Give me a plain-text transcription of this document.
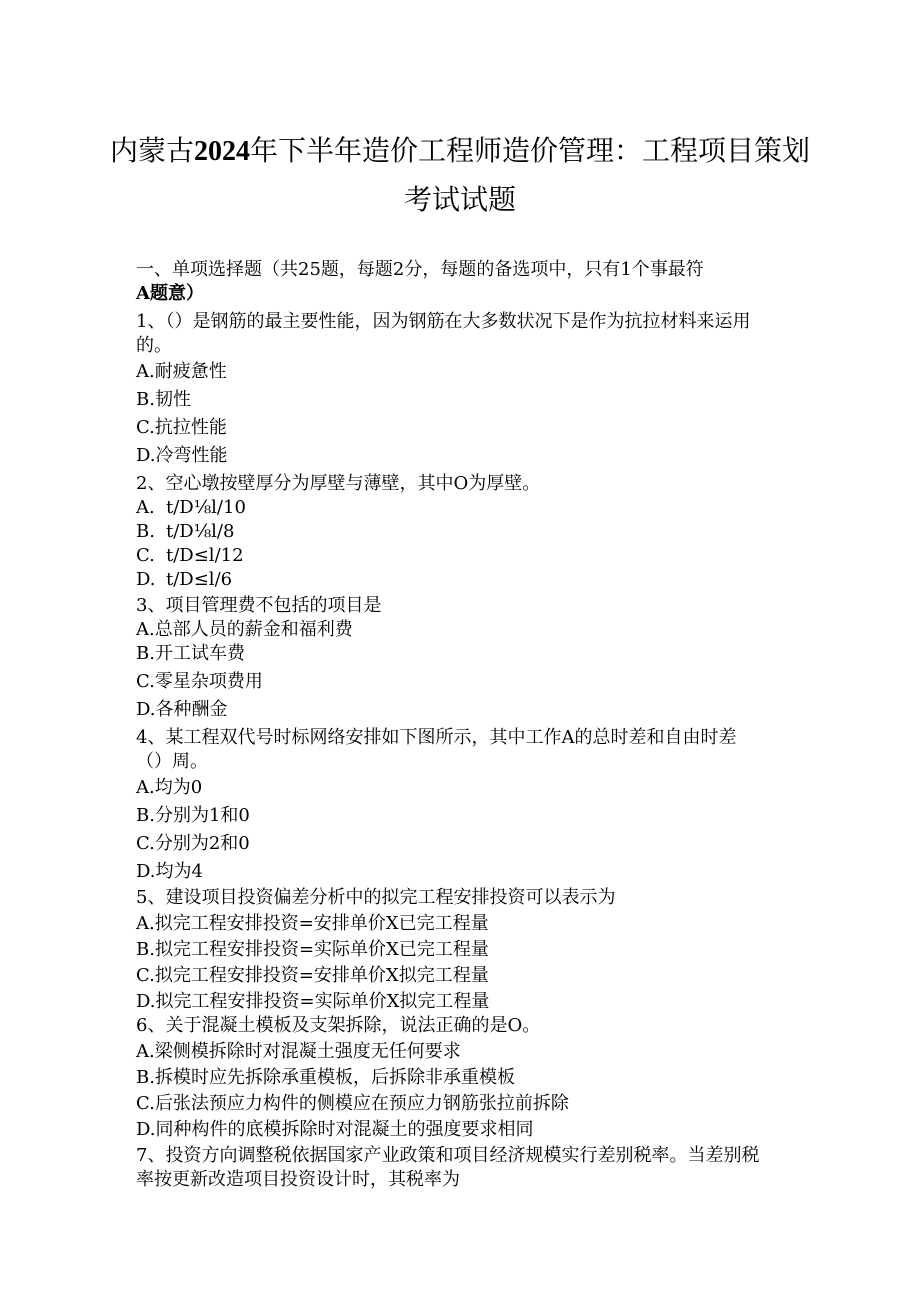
内蒙古2024年下半年造价工程师造价管理：工程项目策划
考试试题
一、单项选择题（共25题，每题2分，每题的备选项中，只有1个事最符
A题意）
1、（）是钢筋的最主要性能，因为钢筋在大多数状况下是作为抗拉材料来运用
的。
A.耐疲惫性
B.韧性
C.抗拉性能
D.冷弯性能
2、空心墩按壁厚分为厚壁与薄壁，其中O为厚壁。
A. t/D⅛l/10
B. t/D⅛l/8
C. t/D≤l/12
D. t/D≤l/6
3、项目管理费不包括的项目是
A.总部人员的薪金和福利费
B.开工试车费
C.零星杂项费用
D.各种酬金
4、某工程双代号时标网络安排如下图所示，其中工作A的总时差和自由时差
（）周。
A.均为0
B.分别为1和0
C.分别为2和0
D.均为4
5、建设项目投资偏差分析中的拟完工程安排投资可以表示为
A.拟完工程安排投资=安排单价X已完工程量
B.拟完工程安排投资=实际单价X已完工程量
C.拟完工程安排投资=安排单价X拟完工程量
D.拟完工程安排投资=实际单价X拟完工程量
6、关于混凝土模板及支架拆除，说法正确的是O。
A.梁侧模拆除时对混凝土强度无任何要求
B.拆模时应先拆除承重模板，后拆除非承重模板
C.后张法预应力构件的侧模应在预应力钢筋张拉前拆除
D.同种构件的底模拆除时对混凝土的强度要求相同
7、投资方向调整税依据国家产业政策和项目经济规模实行差别税率。当差别税
率按更新改造项目投资设计时，其税率为
